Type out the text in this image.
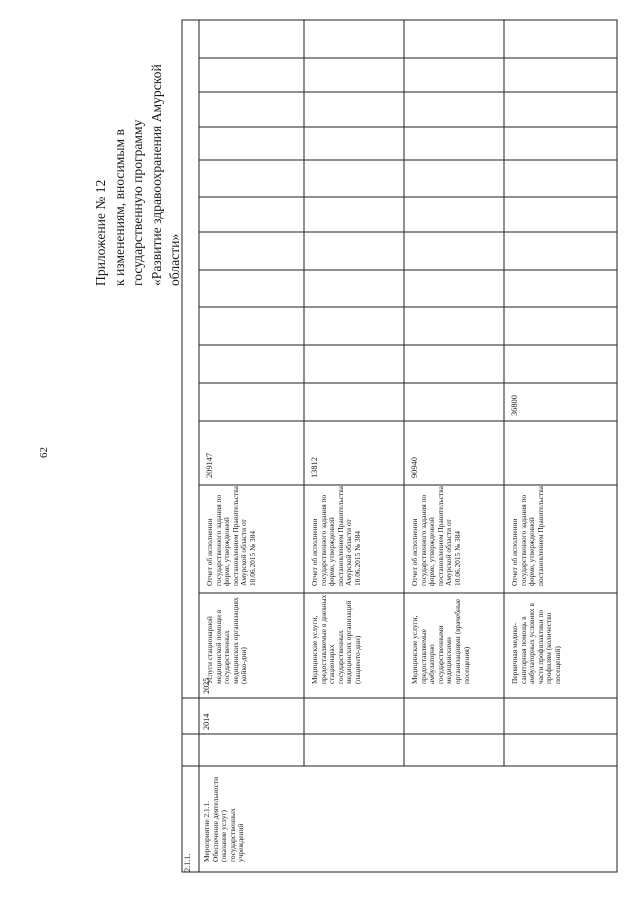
62
Приложение № 12 к изменениям, вносимым в государственную программу «Развитие здравоохранения Амурской области»
2.1.1.
Мероприятие 2.1.1. Обеспечение деятельности (оказание услуг) государственных учреждений
2014
2025
Услуги стационарной медицинской помощи в государственных медицинских организациях (койко-дни)
Отчет об исполнении государственного задания по форме, утвержденной постановлением Правительства Амурской области от 10.06.2015 № 384
209147
Медицинские услуги, предоставляемые в дневных стационарах государственных медицинских организаций (пациенто-дни)
Отчет об исполнении государственного задания по форме, утвержденной постановлением Правительства Амурской области от 10.06.2015 № 384
13812
Медицинские услуги, предоставляемые амбулаторно государственными медицинскими организациями (врачебные посещения)
Отчет об исполнении государственного задания по форме, утвержденной постановлением Правительства Амурской области от 10.06.2015 № 384
90940
Первичная медико-санитарная помощь в амбулаторных условиях в части профилактики по профилям (количество посещений)
Отчет об исполнении государственного задания по форме, утвержденной постановлением Правительства
36800
